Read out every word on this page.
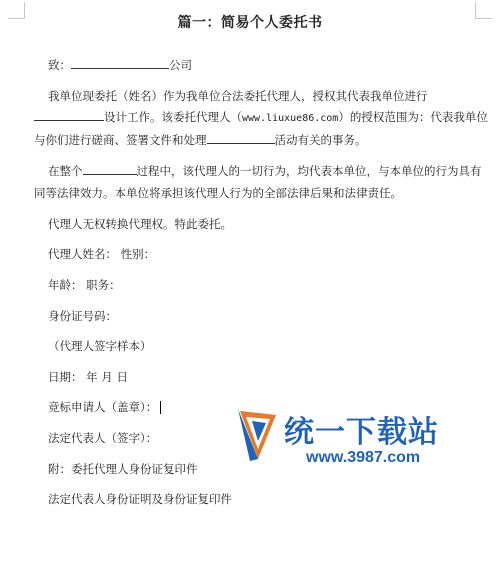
篇一：简易个人委托书
致：	公司
我单位现委托（姓名）作为我单位合法委托代理人，授权其代表我单位进行
设计工作。该委托代理人（www.liuxue86.com）的授权范围为：代表我单位
与你们进行磋商、签署文件和处理	活动有关的事务。
在整个	过程中，该代理人的一切行为，均代表本单位，与本单位的行为具有
同等法律效力。本单位将承担该代理人行为的全部法律后果和法律责任。
代理人无权转换代理权。特此委托。
代理人姓名： 性别：
年龄： 职务：
身份证号码：
（代理人签字样本）
日期： 年 月 日
竞标申请人（盖章）：
法定代表人（签字）：
附：委托代理人身份证复印件
法定代表人身份证明及身份证复印件
统一下载站
www.3987.com
